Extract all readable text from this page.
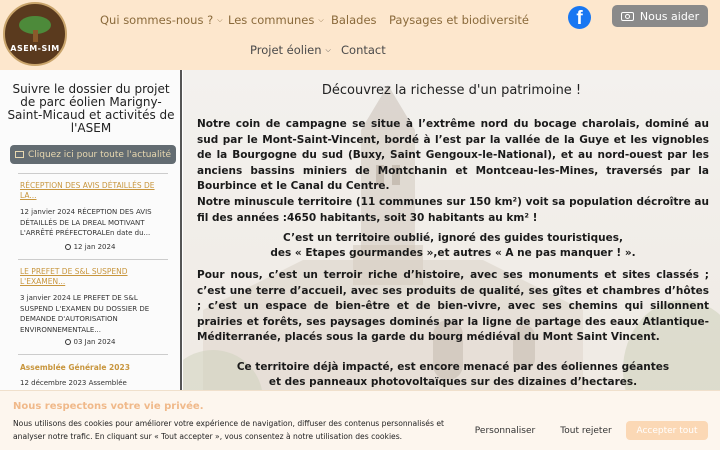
ASEM-SIM
Qui sommes-nous ? ⌵ Les communes ⌵ Balades Paysages et biodiversité
Projet éolien ⌵ Contact
f	Nous aider
Suivre le dossier du projet de parc éolien Marigny-Saint-Micaud et activités de l'ASEM
Cliquez ici pour toute l'actualité
RÉCEPTION DES AVIS DÉTAILLÉS DE LA...
12 janvier 2024 RÉCEPTION DES AVIS DÉTAILLÉS DE LA DREAL MOTIVANT L'ARRÊTÉ PRÉFECTORALEn date du...
12 jan 2024
LE PREFET DE S&L SUSPEND L'EXAMEN...
3 janvier 2024 LE PREFET DE S&L SUSPEND L'EXAMEN DU DOSSIER DE DEMANDE D'AUTORISATION ENVIRONNEMENTALE...
03 Jan 2024
Assemblée Générale 2023
12 décembre 2023 Assemblée
Découvrez la richesse d'un patrimoine !
Notre coin de campagne se situe à l’extrême nord du bocage charolais, dominé au sud par le Mont-Saint-Vincent, bordé à l’est par la vallée de la Guye et les vignobles de la Bourgogne du sud (Buxy, Saint Gengoux-le-National), et au nord-ouest par les anciens bassins miniers de Montchanin et Montceau-les-Mines, traversés par la Bourbince et le Canal du Centre.
Notre minuscule territoire (11 communes sur 150 km²) voit sa population décroître au fil des années :4650 habitants, soit 30 habitants au km² !
C’est un territoire oublié, ignoré des guides touristiques,
des « Etapes gourmandes »,et autres « A ne pas manquer ! ».
Pour nous, c’est un terroir riche d’histoire, avec ses monuments et sites classés ; c’est une terre d’accueil, avec ses produits de qualité, ses gîtes et chambres d’hôtes ; c’est un espace de bien-être et de bien-vivre, avec ses chemins qui sillonnent prairies et forêts, ses paysages dominés par la ligne de partage des eaux Atlantique-Méditerranée, placés sous la garde du bourg médiéval du Mont Saint Vincent.
Ce territoire déjà impacté, est encore menacé par des éoliennes géantes
et des panneaux photovoltaïques sur des dizaines d’hectares.
Nous respectons votre vie privée.
Nous utilisons des cookies pour améliorer votre expérience de navigation, diffuser des contenus personnalisés et analyser notre trafic. En cliquant sur « Tout accepter », vous consentez à notre utilisation des cookies.
Personnaliser	Tout rejeter	Accepter tout
